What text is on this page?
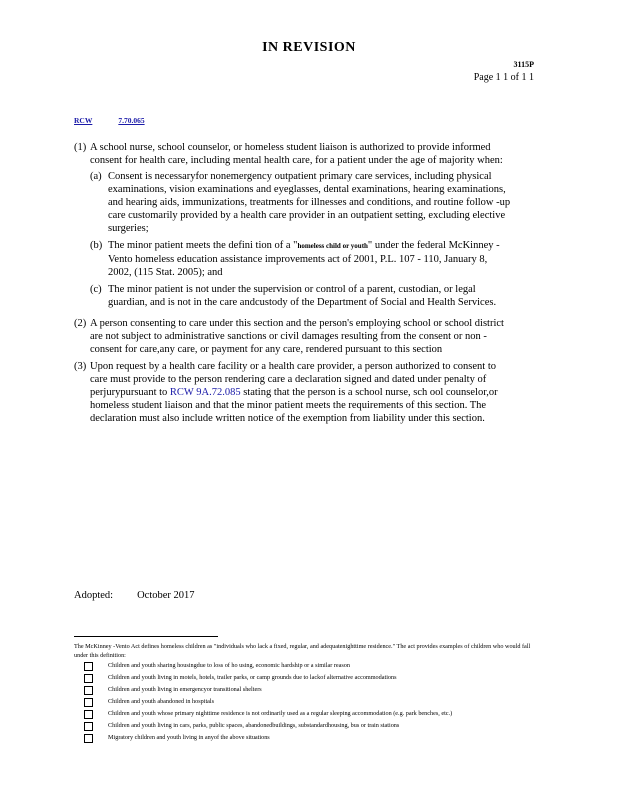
IN REVISION
3115P
Page 1 1 of 1 1
RCW	7.70.065
(1) A school nurse, school counselor, or homeless student liaison is authorized to provide informed consent for health care, including mental health care, for a patient under the age of majority when:
(a) Consent is necessaryfor nonemergency outpatient primary care services, including physical examinations, vision examinations and eyeglasses, dental examinations, hearing examinations, and hearing aids, immunizations, treatments for illnesses and conditions, and routine follow -up care customarily provided by a health care provider in an outpatient setting, excluding elective surgeries;
(b) The minor patient meets the defini tion of a "homeless child or youth" under the federal McKinney -Vento homeless education assistance improvements act of 2001, P.L. 107 - 110, January 8, 2002, (115 Stat. 2005); and
(c) The minor patient is not under the supervision or control of a parent, custodian, or legal guardian, and is not in the care andcustody of the Department of Social and Health Services.
(2) A person consenting to care under this section and the person's employing school or school district are not subject to administrative sanctions or civil damages resulting from the consent or non -consent for care,any care, or payment for any care, rendered pursuant to this section
(3) Upon request by a health care facility or a health care provider, a person authorized to consent to care must provide to the person rendering care a declaration signed and dated under penalty of perjurypursuant to RCW 9A.72.085 stating that the person is a school nurse, sch ool counselor,or homeless student liaison and that the minor patient meets the requirements of this section. The declaration must also include written notice of the exemption from liability under this section.
Adopted: October 2017

The McKinney -Vento Act defines homeless children as "individuals who lack a fixed, regular, and adequatenighttime residence." The act provides examples of children who would fall under this definition:

Children and youth sharing housingdue to loss of ho using, economic hardship or a similar reason
Children and youth living in motels, hotels, trailer parks, or camp grounds due to lackof alternative accommodations
Children and youth living in emergencyor transitional shelters
Children and youth abandoned in hospitals
Children and youth whose primary nighttime residence is not ordinarily used as a regular sleeping accommodation (e.g. park benches, etc.)
Children and youth living in cars, parks, public spaces, abandonedbuildings, substandardhousing, bus or train stations
Migratory children and youth living in anyof the above situations
